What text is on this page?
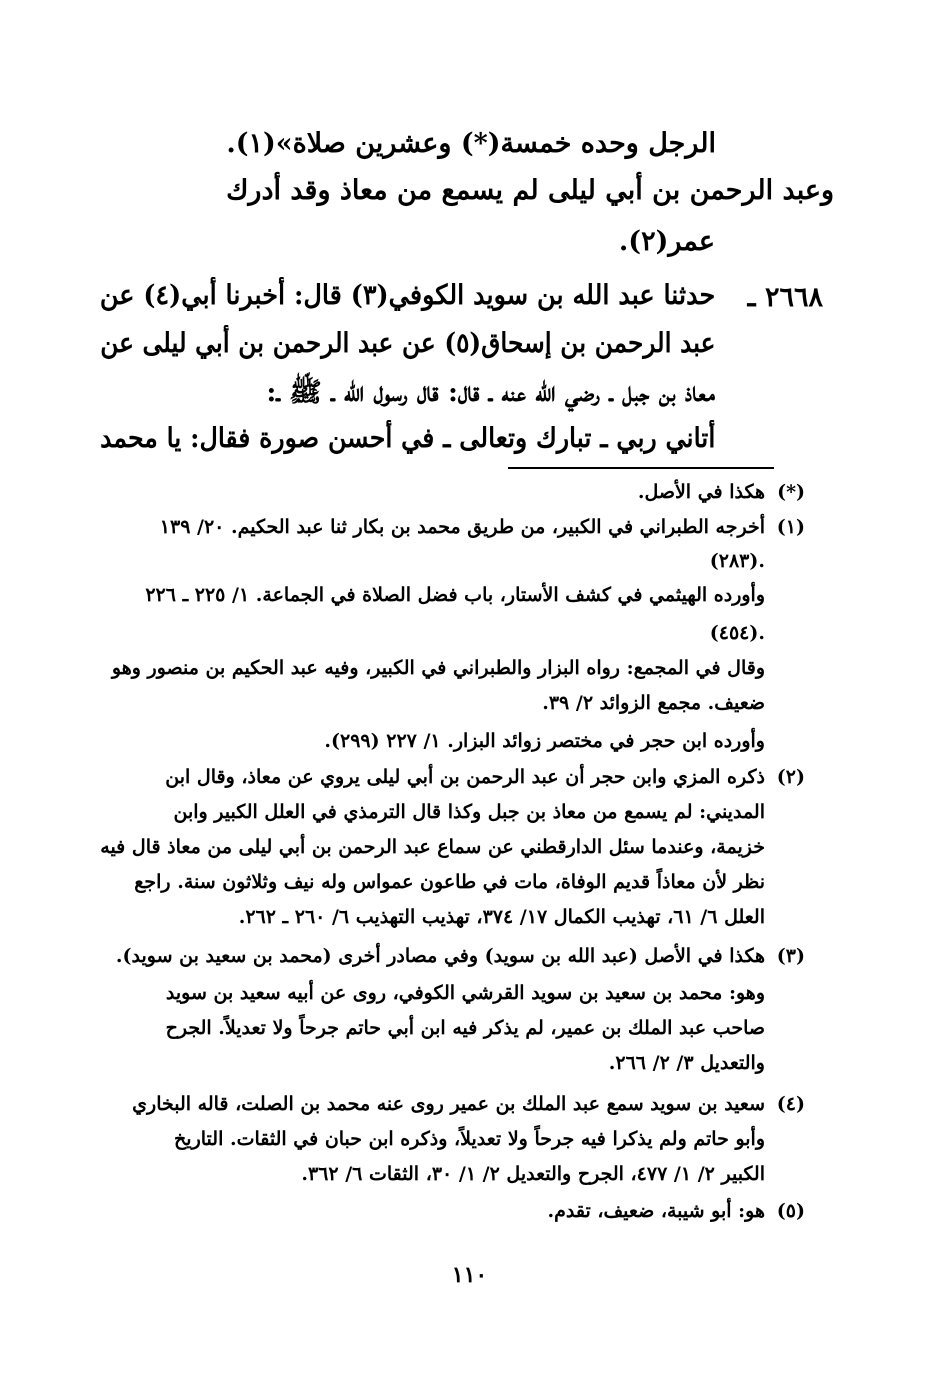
الرجل وحده خمسة(*) وعشرين صلاة»(١).
وعبد الرحمن بن أبي ليلى لم يسمع من معاذ وقد أدرك
عمر(٢).
٢٦٦٨ ـ
حدثنا عبد الله بن سويد الكوفي(٣) قال: أخبرنا أبي(٤) عن
عبد الرحمن بن إسحاق(٥) عن عبد الرحمن بن أبي ليلى عن
معاذ بن جبل ـ رضي الله عنه ـ قال: قال رسول الله ـ ﷺ ـ:
أتاني ربي ـ تبارك وتعالى ـ في أحسن صورة فقال: يا محمد
(*)
هكذا في الأصل.
(١)
أخرجه الطبراني في الكبير، من طريق محمد بن بكار ثنا عبد الحكيم. ٢٠/ ١٣٩
(٢٨٣).
وأورده الهيثمي في كشف الأستار، باب فضل الصلاة في الجماعة. ١/ ٢٢٥ ـ ٢٢٦
(٤٥٤).
وقال في المجمع: رواه البزار والطبراني في الكبير، وفيه عبد الحكيم بن منصور وهو
ضعيف. مجمع الزوائد ٢/ ٣٩.
وأورده ابن حجر في مختصر زوائد البزار. ١/ ٢٢٧ (٢٩٩).
(٢)
ذكره المزي وابن حجر أن عبد الرحمن بن أبي ليلى يروي عن معاذ، وقال ابن
المديني: لم يسمع من معاذ بن جبل وكذا قال الترمذي في العلل الكبير وابن
خزيمة، وعندما سئل الدارقطني عن سماع عبد الرحمن بن أبي ليلى من معاذ قال فيه
نظر لأن معاذاً قديم الوفاة، مات في طاعون عمواس وله نيف وثلاثون سنة. راجع
العلل ٦/ ٦١، تهذيب الكمال ١٧/ ٣٧٤، تهذيب التهذيب ٦/ ٢٦٠ ـ ٢٦٢.
(٣)
هكذا في الأصل (عبد الله بن سويد) وفي مصادر أخرى (محمد بن سعيد بن سويد).
وهو: محمد بن سعيد بن سويد القرشي الكوفي، روى عن أبيه سعيد بن سويد
صاحب عبد الملك بن عمير، لم يذكر فيه ابن أبي حاتم جرحاً ولا تعديلاً. الجرح
والتعديل ٣/ ٢/ ٢٦٦.
(٤)
سعيد بن سويد سمع عبد الملك بن عمير روى عنه محمد بن الصلت، قاله البخاري
وأبو حاتم ولم يذكرا فيه جرحاً ولا تعديلاً، وذكره ابن حبان في الثقات. التاريخ
الكبير ٢/ ١/ ٤٧٧، الجرح والتعديل ٢/ ١/ ٣٠، الثقات ٦/ ٣٦٢.
(٥)
هو: أبو شيبة، ضعيف، تقدم.
١١٠
